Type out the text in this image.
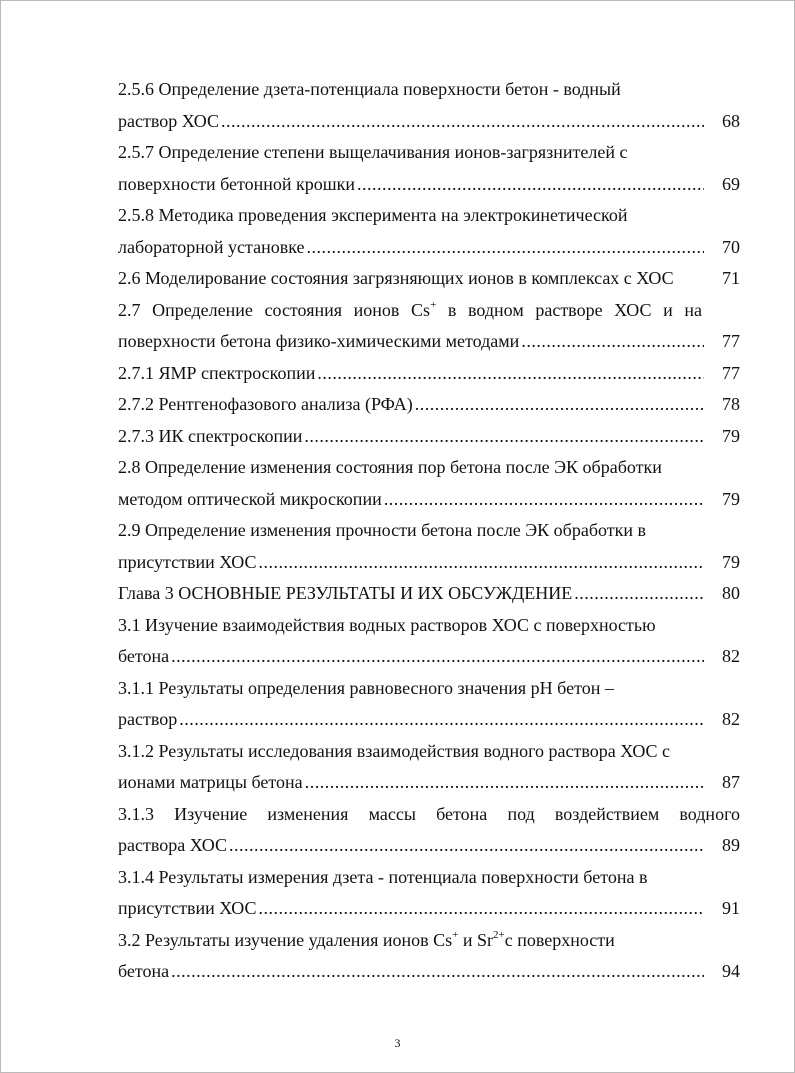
2.5.6 Определение дзета-потенциала поверхности бетон - водный
раствор ХОС . . .	68
2.5.7 Определение степени выщелачивания ионов-загрязнителей с
поверхности бетонной крошки . . .	69
2.5.8 Методика проведения эксперимента на электрокинетической
лабораторной установке . . .	70
2.6 Моделирование состояния загрязняющих ионов в комплексах с ХОС	71
2.7 Определение состояния ионов Cs+ в водном растворе ХОС и на
поверхности бетона физико-химическими методами . . .	77
2.7.1 ЯМР спектроскопии . . .	77
2.7.2 Рентгенофазового анализа (РФА) . . .	78
2.7.3 ИК спектроскопии . . .	79
2.8 Определение изменения состояния пор бетона после ЭК обработки
методом оптической микроскопии . . .	79
2.9 Определение изменения прочности бетона после ЭК обработки в
присутствии ХОС . . .	79
Глава 3 ОСНОВНЫЕ РЕЗУЛЬТАТЫ И ИХ ОБСУЖДЕНИЕ . . .	80
3.1 Изучение взаимодействия водных растворов ХОС с поверхностью
бетона . . .	82
3.1.1 Результаты определения равновесного значения рН бетон –
раствор . . .	82
3.1.2 Результаты исследования взаимодействия водного раствора ХОС с
ионами матрицы бетона . . .	87
3.1.3 Изучение изменения массы бетона под воздействием водного
раствора ХОС . . .	89
3.1.4 Результаты измерения дзета - потенциала поверхности бетона в
присутствии ХОС . . .	91
3.2 Результаты изучение удаления ионов Cs+ и $Sr^{2+}с$ поверхности
бетона . . .	94
3
